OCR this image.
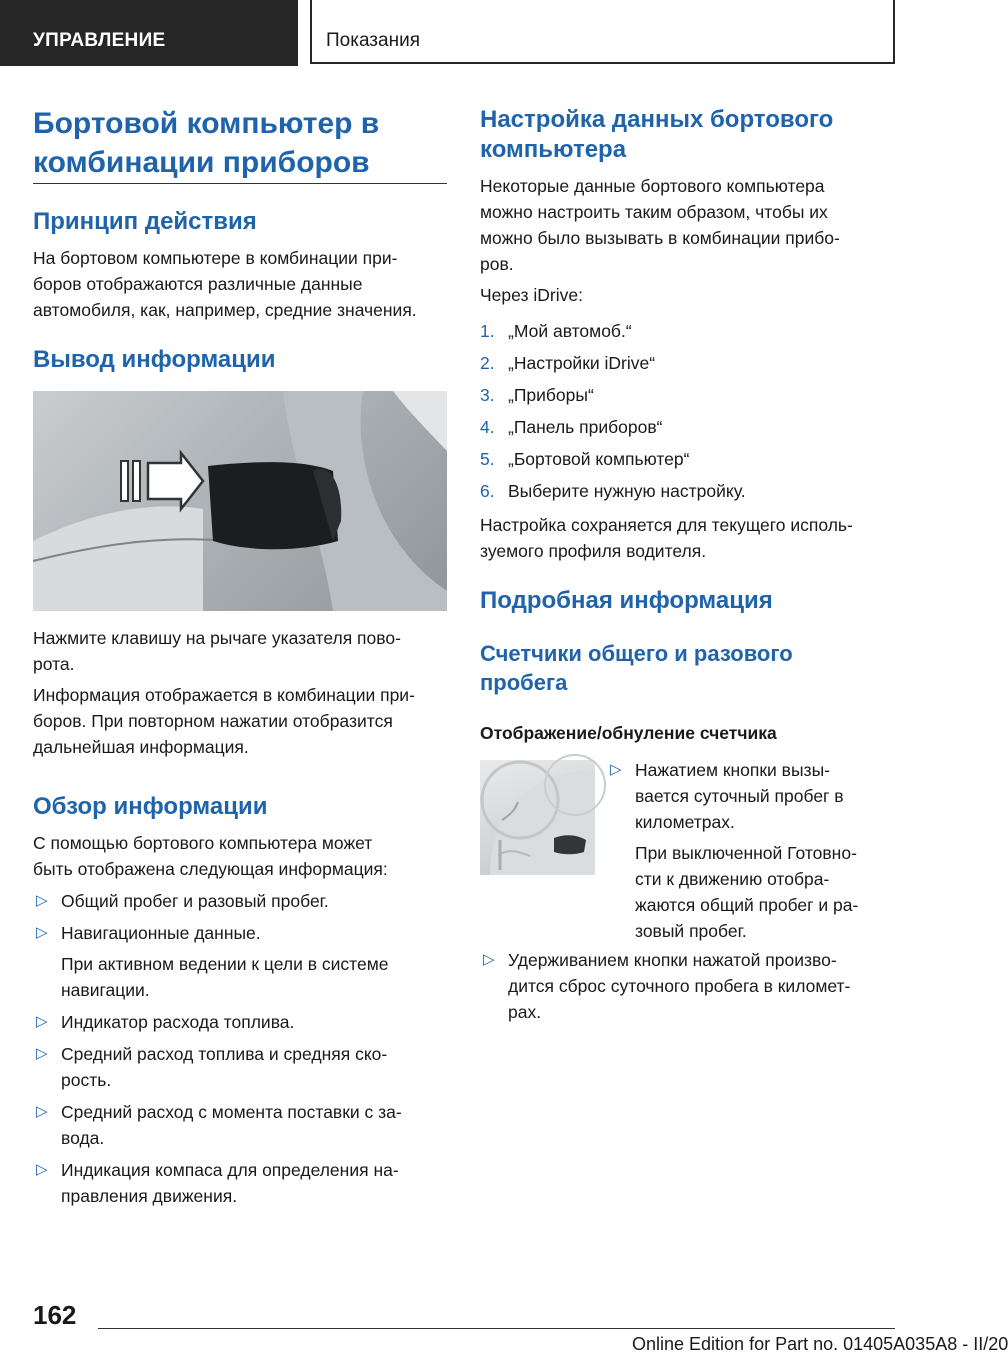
УПРАВЛЕНИЕ	Показания
Бортовой компьютер в
комбинации приборов
Принцип действия
На бортовом компьютере в комбинации при‐
боров отображаются различные данные
автомобиля, как, например, средние значения.
Вывод информации
Нажмите клавишу на рычаге указателя пово‐
рота.
Информация отображается в комбинации при‐
боров. При повторном нажатии отобразится
дальнейшая информация.
Обзор информации
С помощью бортового компьютера может
быть отображена следующая информация:
▷ Общий пробег и разовый пробег.
▷ Навигационные данные.
При активном ведении к цели в системе
навигации.
▷ Индикатор расхода топлива.
▷ Средний расход топлива и средняя ско‐
рость.
▷ Средний расход с момента поставки с за‐
вода.
▷ Индикация компаса для определения на‐
правления движения.
Настройка данных бортового
компьютера
Некоторые данные бортового компьютера
можно настроить таким образом, чтобы их
можно было вызывать в комбинации прибо‐
ров.
Через iDrive:
1. „Мой автомоб.“
2. „Настройки iDrive“
3. „Приборы“
4. „Панель приборов“
5. „Бортовой компьютер“
6. Выберите нужную настройку.
Настройка сохраняется для текущего исполь‐
зуемого профиля водителя.
Подробная информация
Счетчики общего и разового
пробега
Отображение/обнуление счетчика
▷ Нажатием кнопки вызы‐
вается суточный пробег в
километрах.
При выключенной Готовно‐
сти к движению отобра‐
жаются общий пробег и ра‐
зовый пробег.
▷ Удерживанием кнопки нажатой произво‐
дится сброс суточного пробега в километ‐
рах.
162
Online Edition for Part no. 01405A035A8 - II/20
